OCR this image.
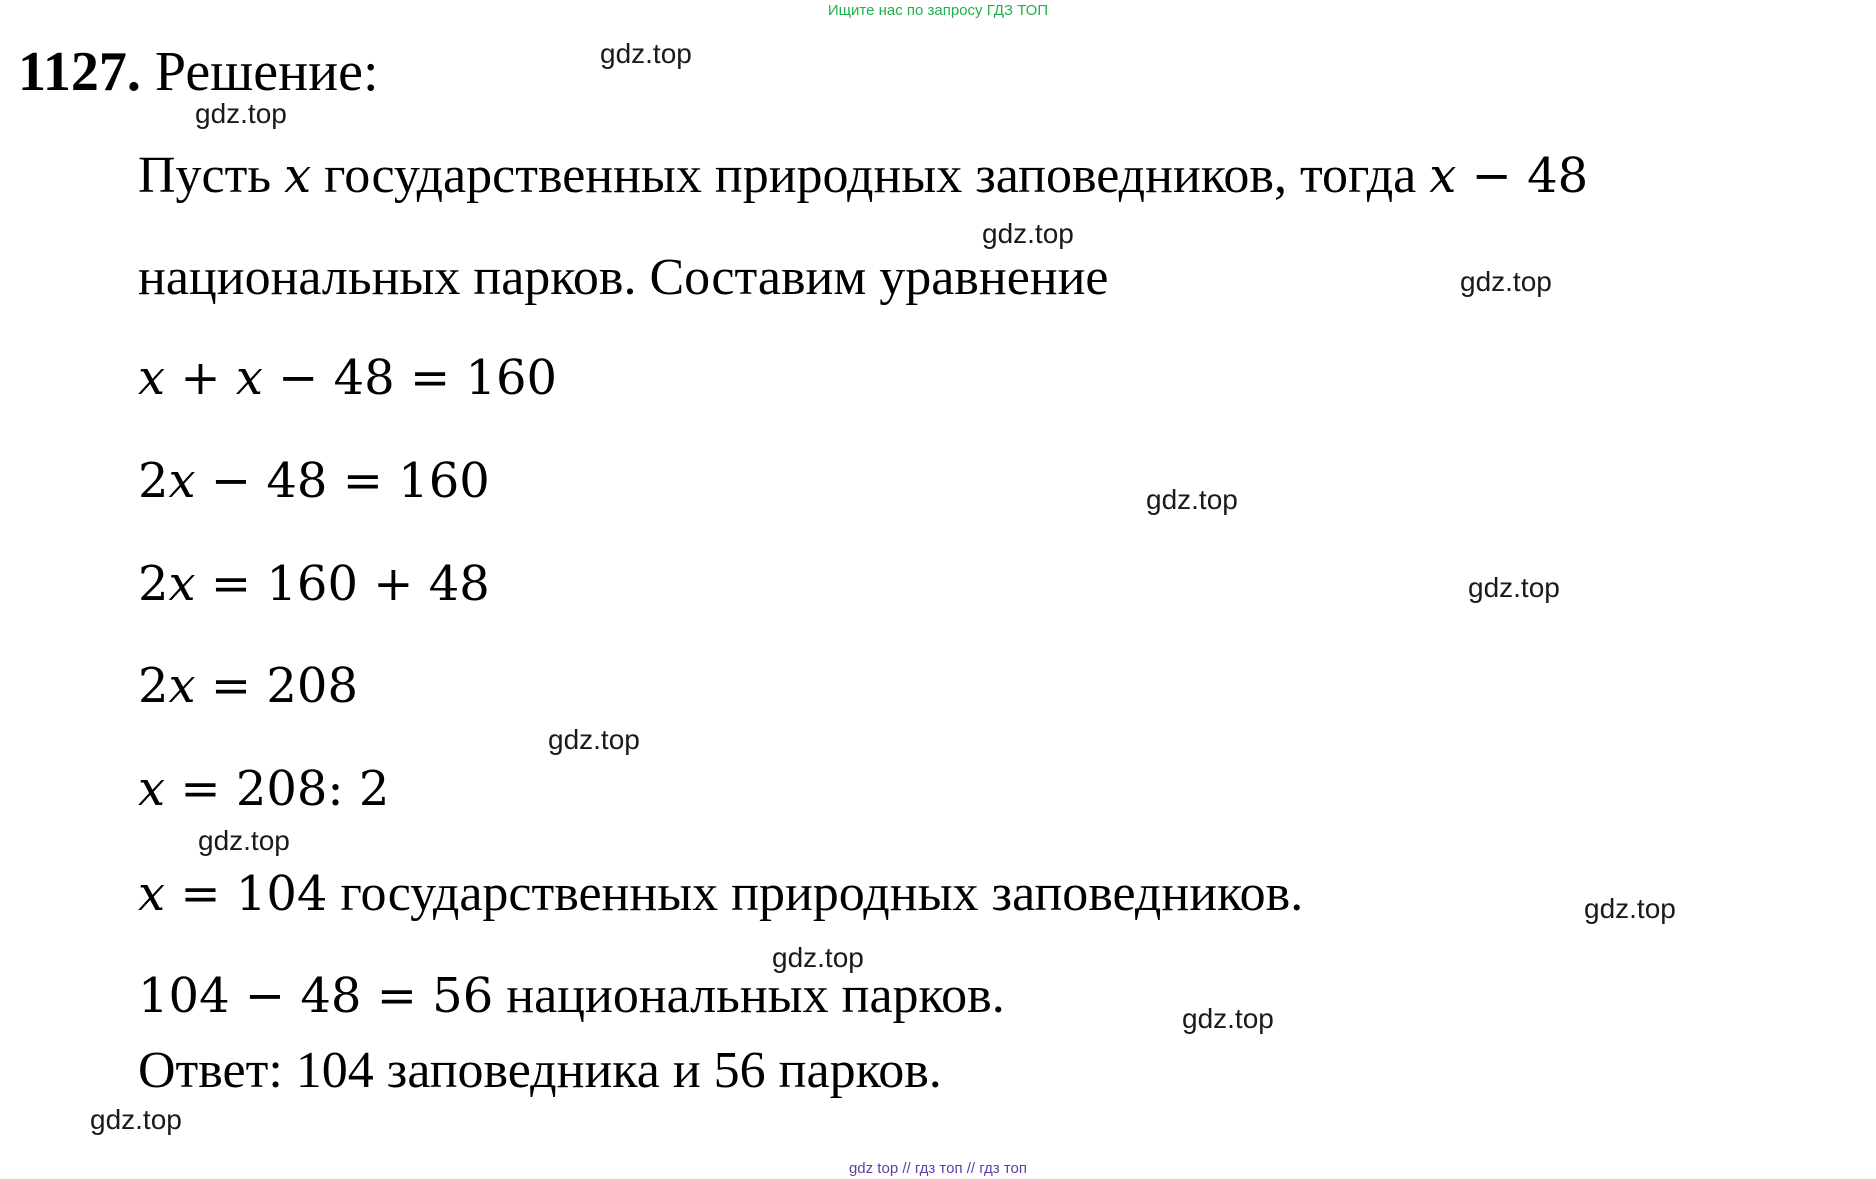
Ищите нас по запросу ГДЗ ТОП
1127. Решение:
Пусть x государственных природных заповедников, тогда x − 48
национальных парков. Составим уравнение
x + x − 48 = 160
2x − 48 = 160
2x = 160 + 48
2x = 208
x = 208: 2
x = 104 государственных природных заповедников.
104 − 48 = 56 национальных парков.
Ответ: 104 заповедника и 56 парков.
gdz.top
gdz.top
gdz.top
gdz.top
gdz.top
gdz.top
gdz.top
gdz.top
gdz.top
gdz.top
gdz.top
gdz.top
gdz top // гдз топ // гдз топ
